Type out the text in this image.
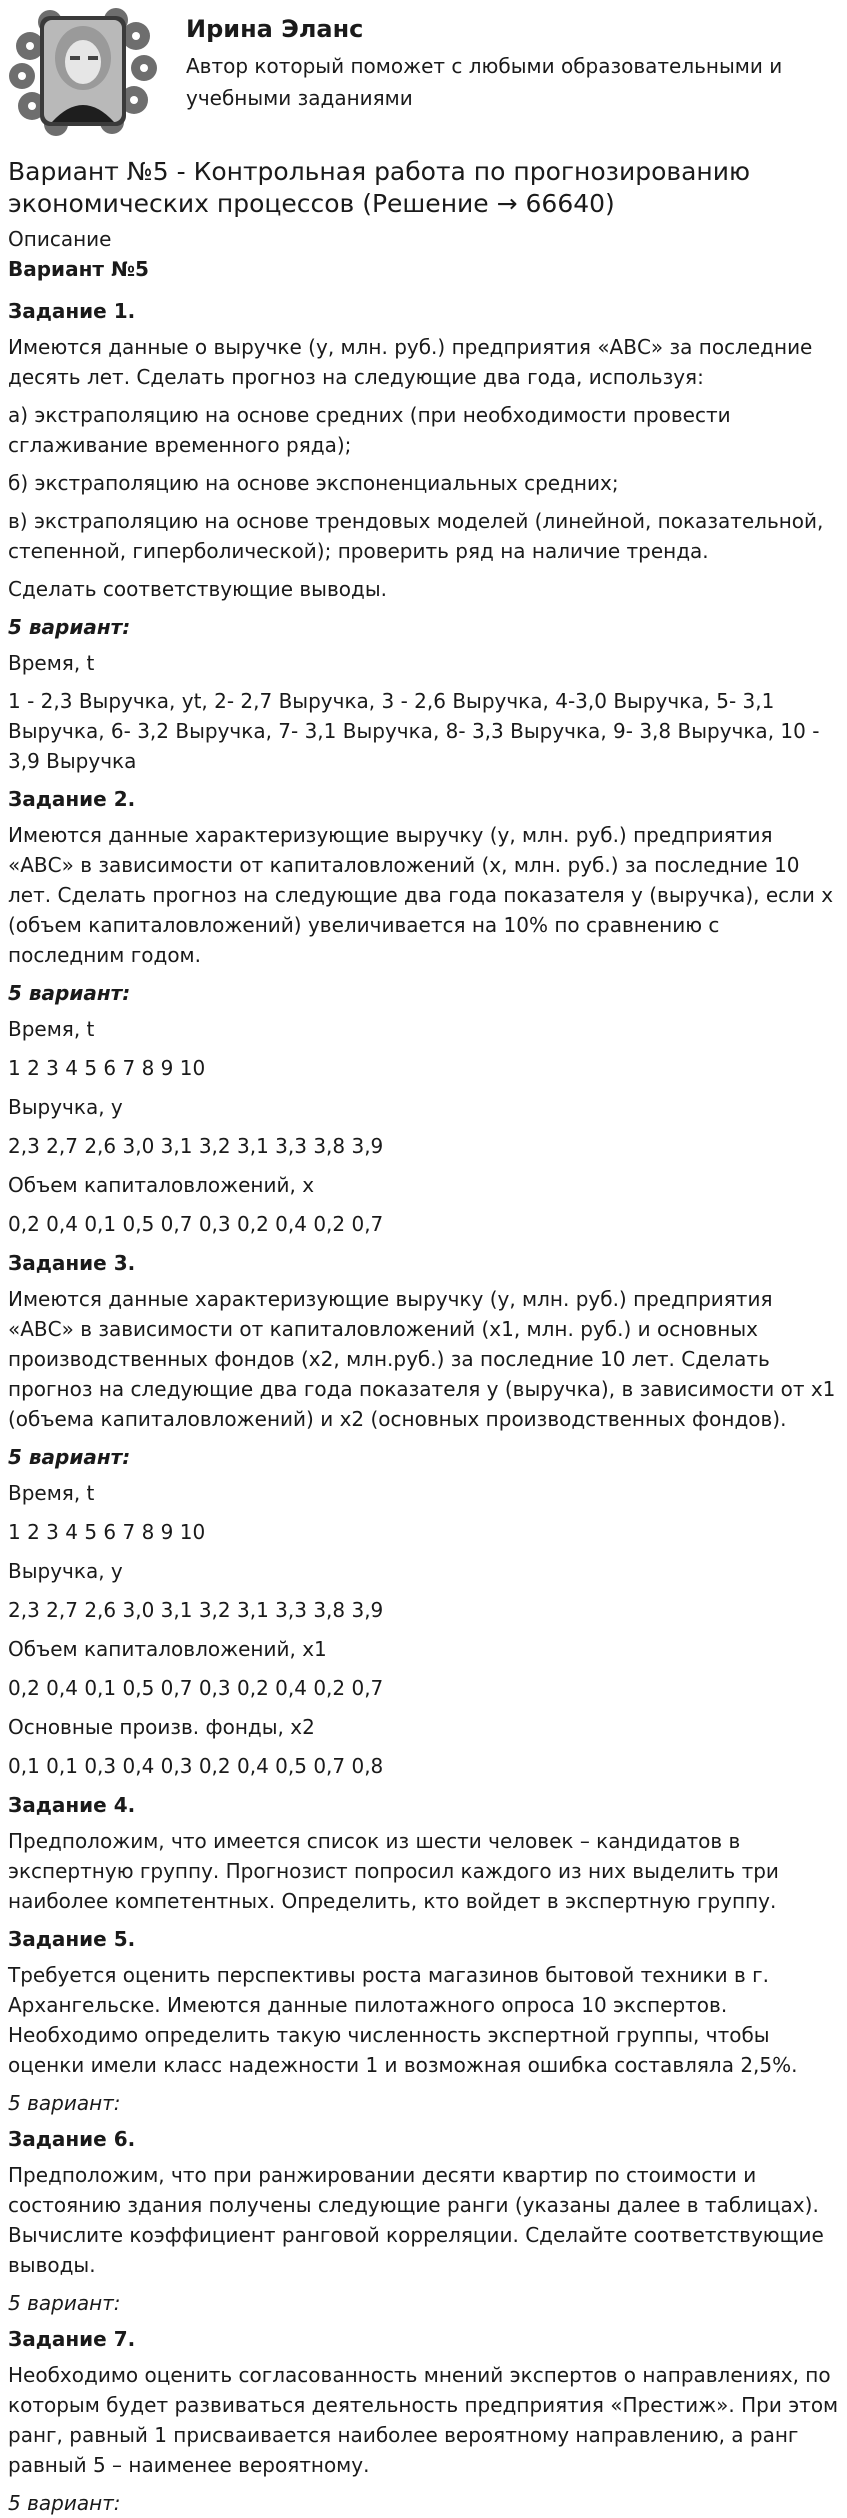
Ирина Эланс
Автор который поможет с любыми образовательными и учебными заданиями
Вариант №5 - Контрольная работа по прогнозированию экономических процессов (Решение → 66640)
Описание
Вариант №5
Задание 1.

Имеются данные о выручке (y, млн. руб.) предприятия «АВС» за последние десять лет. Сделать прогноз на следующие два года, используя:

а) экстраполяцию на основе средних (при необходимости провести сглаживание временного ряда);

б) экстраполяцию на основе экспоненциальных средних;

в) экстраполяцию на основе трендовых моделей (линейной, показательной, степенной, гиперболической); проверить ряд на наличие тренда.

Сделать соответствующие выводы.

5 вариант:

Время, t

1 - 2,3 Выручка, yt, 2- 2,7 Выручка, 3 - 2,6 Выручка, 4-3,0 Выручка, 5- 3,1 Выручка, 6- 3,2 Выручка, 7- 3,1 Выручка, 8- 3,3 Выручка, 9- 3,8 Выручка, 10 - 3,9 Выручка

Задание 2.

Имеются данные характеризующие выручку (y, млн. руб.) предприятия «АВС» в зависимости от капиталовложений (x, млн. руб.) за последние 10 лет. Сделать прогноз на следующие два года показателя y (выручка), если x (объем капиталовложений) увеличивается на 10% по сравнению с последним годом.

5 вариант:

Время, t

1 2 3 4 5 6 7 8 9 10

Выручка, y

2,3 2,7 2,6 3,0 3,1 3,2 3,1 3,3 3,8 3,9

Объем капиталовложений, x

0,2 0,4 0,1 0,5 0,7 0,3 0,2 0,4 0,2 0,7

Задание 3.

Имеются данные характеризующие выручку (y, млн. руб.) предприятия «АВС» в зависимости от капиталовложений (x1, млн. руб.) и основных производственных фондов (x2, млн.руб.) за последние 10 лет. Сделать прогноз на следующие два года показателя y (выручка), в зависимости от x1 (объема капиталовложений) и x2 (основных производственных фондов).

5 вариант:

Время, t

1 2 3 4 5 6 7 8 9 10

Выручка, y

2,3 2,7 2,6 3,0 3,1 3,2 3,1 3,3 3,8 3,9

Объем капиталовложений, x1

0,2 0,4 0,1 0,5 0,7 0,3 0,2 0,4 0,2 0,7

Основные произв. фонды, x2

0,1 0,1 0,3 0,4 0,3 0,2 0,4 0,5 0,7 0,8

Задание 4.

Предположим, что имеется список из шести человек – кандидатов в экспертную группу. Прогнозист попросил каждого из них выделить три наиболее компетентных. Определить, кто войдет в экспертную группу.

Задание 5.

Требуется оценить перспективы роста магазинов бытовой техники в г. Архангельске. Имеются данные пилотажного опроса 10 экспертов. Необходимо определить такую численность экспертной группы, чтобы оценки имели класс надежности 1 и возможная ошибка составляла 2,5%.

5 вариант:
Задание 6.

Предположим, что при ранжировании десяти квартир по стоимости и состоянию здания получены следующие ранги (указаны далее в таблицах). Вычислите коэффициент ранговой корреляции. Сделайте соответствующие выводы.

5 вариант:
Задание 7.

Необходимо оценить согласованность мнений экспертов о направлениях, по которым будет развиваться деятельность предприятия «Престиж». При этом ранг, равный 1 присваивается наиболее вероятному направлению, а ранг равный 5 – наименее вероятному.

5 вариант:
